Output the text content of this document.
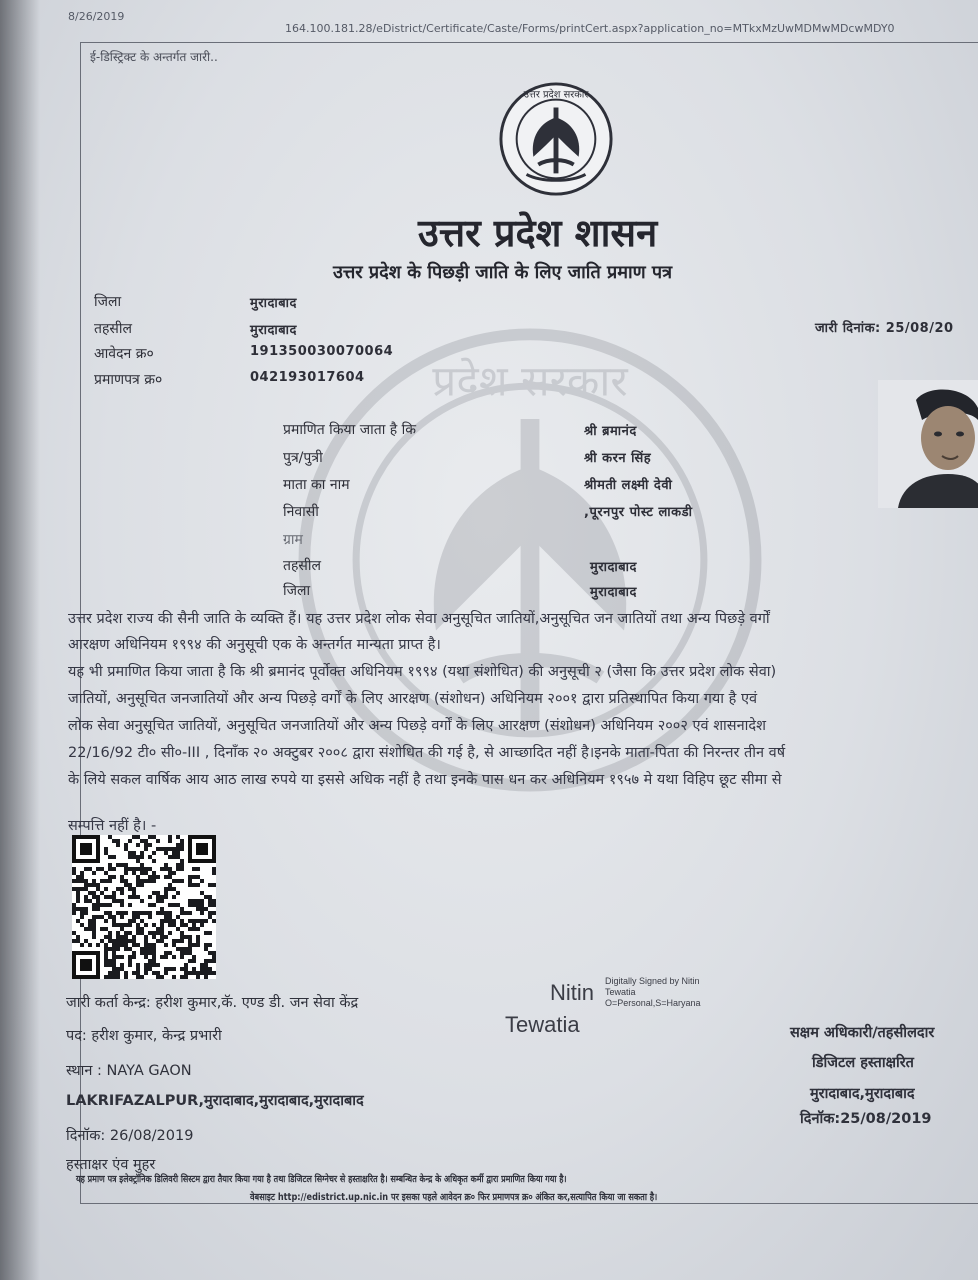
8/26/2019
164.100.181.28/eDistrict/Certificate/Caste/Forms/printCert.aspx?application_no=MTkxMzUwMDMwMDcwMDY0
ई-डिस्ट्रिक्ट के अन्तर्गत जारी..
प्रदेश सरकार
उत्तर प्रदेश सरकार
उत्तर प्रदेश शासन
उत्तर प्रदेश के पिछड़ी जाति के लिए जाति प्रमाण पत्र
जिला	मुरादाबाद
तहसील	मुरादाबाद
आवेदन क्र०	191350030070064
प्रमाणपत्र क्र०	042193017604
जारी दिनांक: 25/08/20
प्रमाणित किया जाता है कि	श्री ब्रमानंद
पुत्र/पुत्री	श्री करन सिंह
माता का नाम	श्रीमती लक्ष्मी देवी
निवासी	,पूरनपुर पोस्ट लाकडी
ग्राम
तहसील	मुरादाबाद
जिला	मुरादाबाद
उत्तर प्रदेश राज्य की सैनी जाति के व्यक्ति हैं। यह उत्तर प्रदेश लोक सेवा अनुसूचित जातियों,अनुसूचित जन जातियों तथा अन्य पिछड़े वर्गों
आरक्षण अधिनियम १९९४ की अनुसूची एक के अन्तर्गत मान्यता प्राप्त है।
यह भी प्रमाणित किया जाता है कि श्री ब्रमानंद पूर्वोक्त अधिनियम १९९४ (यथा संशोधित) की अनुसूची २ (जैसा कि उत्तर प्रदेश लोक सेवा)
जातियों, अनुसूचित जनजातियों और अन्य पिछड़े वर्गों के लिए आरक्षण (संशोधन) अधिनियम २००१ द्वारा प्रतिस्थापित किया गया है एवं
लोक सेवा अनुसूचित जातियों, अनुसूचित जनजातियों और अन्य पिछड़े वर्गों के लिए आरक्षण (संशोधन) अधिनियम २००२ एवं शासनादेश
22/16/92 टी० सी०-III , दिनाँक २० अक्टुबर २००८ द्वारा संशोधित की गई है, से आच्छादित नहीं है।इनके माता-पिता की निरन्तर तीन वर्ष
के लिये सकल वार्षिक आय आठ लाख रुपये या इससे अधिक नहीं है तथा इनके पास धन कर अधिनियम १९५७ मे यथा विहिप छूट सीमा से
सम्पत्ति नहीं है। -
Nitin Digitally Signed by Nitin
Tewatia
O=Personal,S=Haryana
Tewatia
जारी कर्ता केन्द्र: हरीश कुमार,कॅ. एण्ड डी. जन सेवा केंद्र
पद: हरीश कुमार, केन्द्र प्रभारी
स्थान : NAYA GAON
LAKRIFAZALPUR,मुरादाबाद,मुरादाबाद,मुरादाबाद
दिनॉक: 26/08/2019
हस्ताक्षर एंव मुहर
सक्षम अधिकारी/तहसीलदार
डिजिटल हस्ताक्षरित
मुरादाबाद,मुरादाबाद
दिनॉक:25/08/2019
यह प्रमाण पत्र इलेक्ट्रॉनिक डिलिवरी सिस्टम द्वारा तैयार किया गया है तथा डिजिटल सिग्नेचर से हस्ताक्षरित है। सम्बन्धित केन्द्र के अधिकृत कर्मी द्वारा प्रमाणित किया गया है।
वेबसाइट http://edistrict.up.nic.in पर इसका पहले आवेदन क्र० फिर प्रमाणपत्र क्र० अंकित कर,सत्यापित किया जा सकता है।
